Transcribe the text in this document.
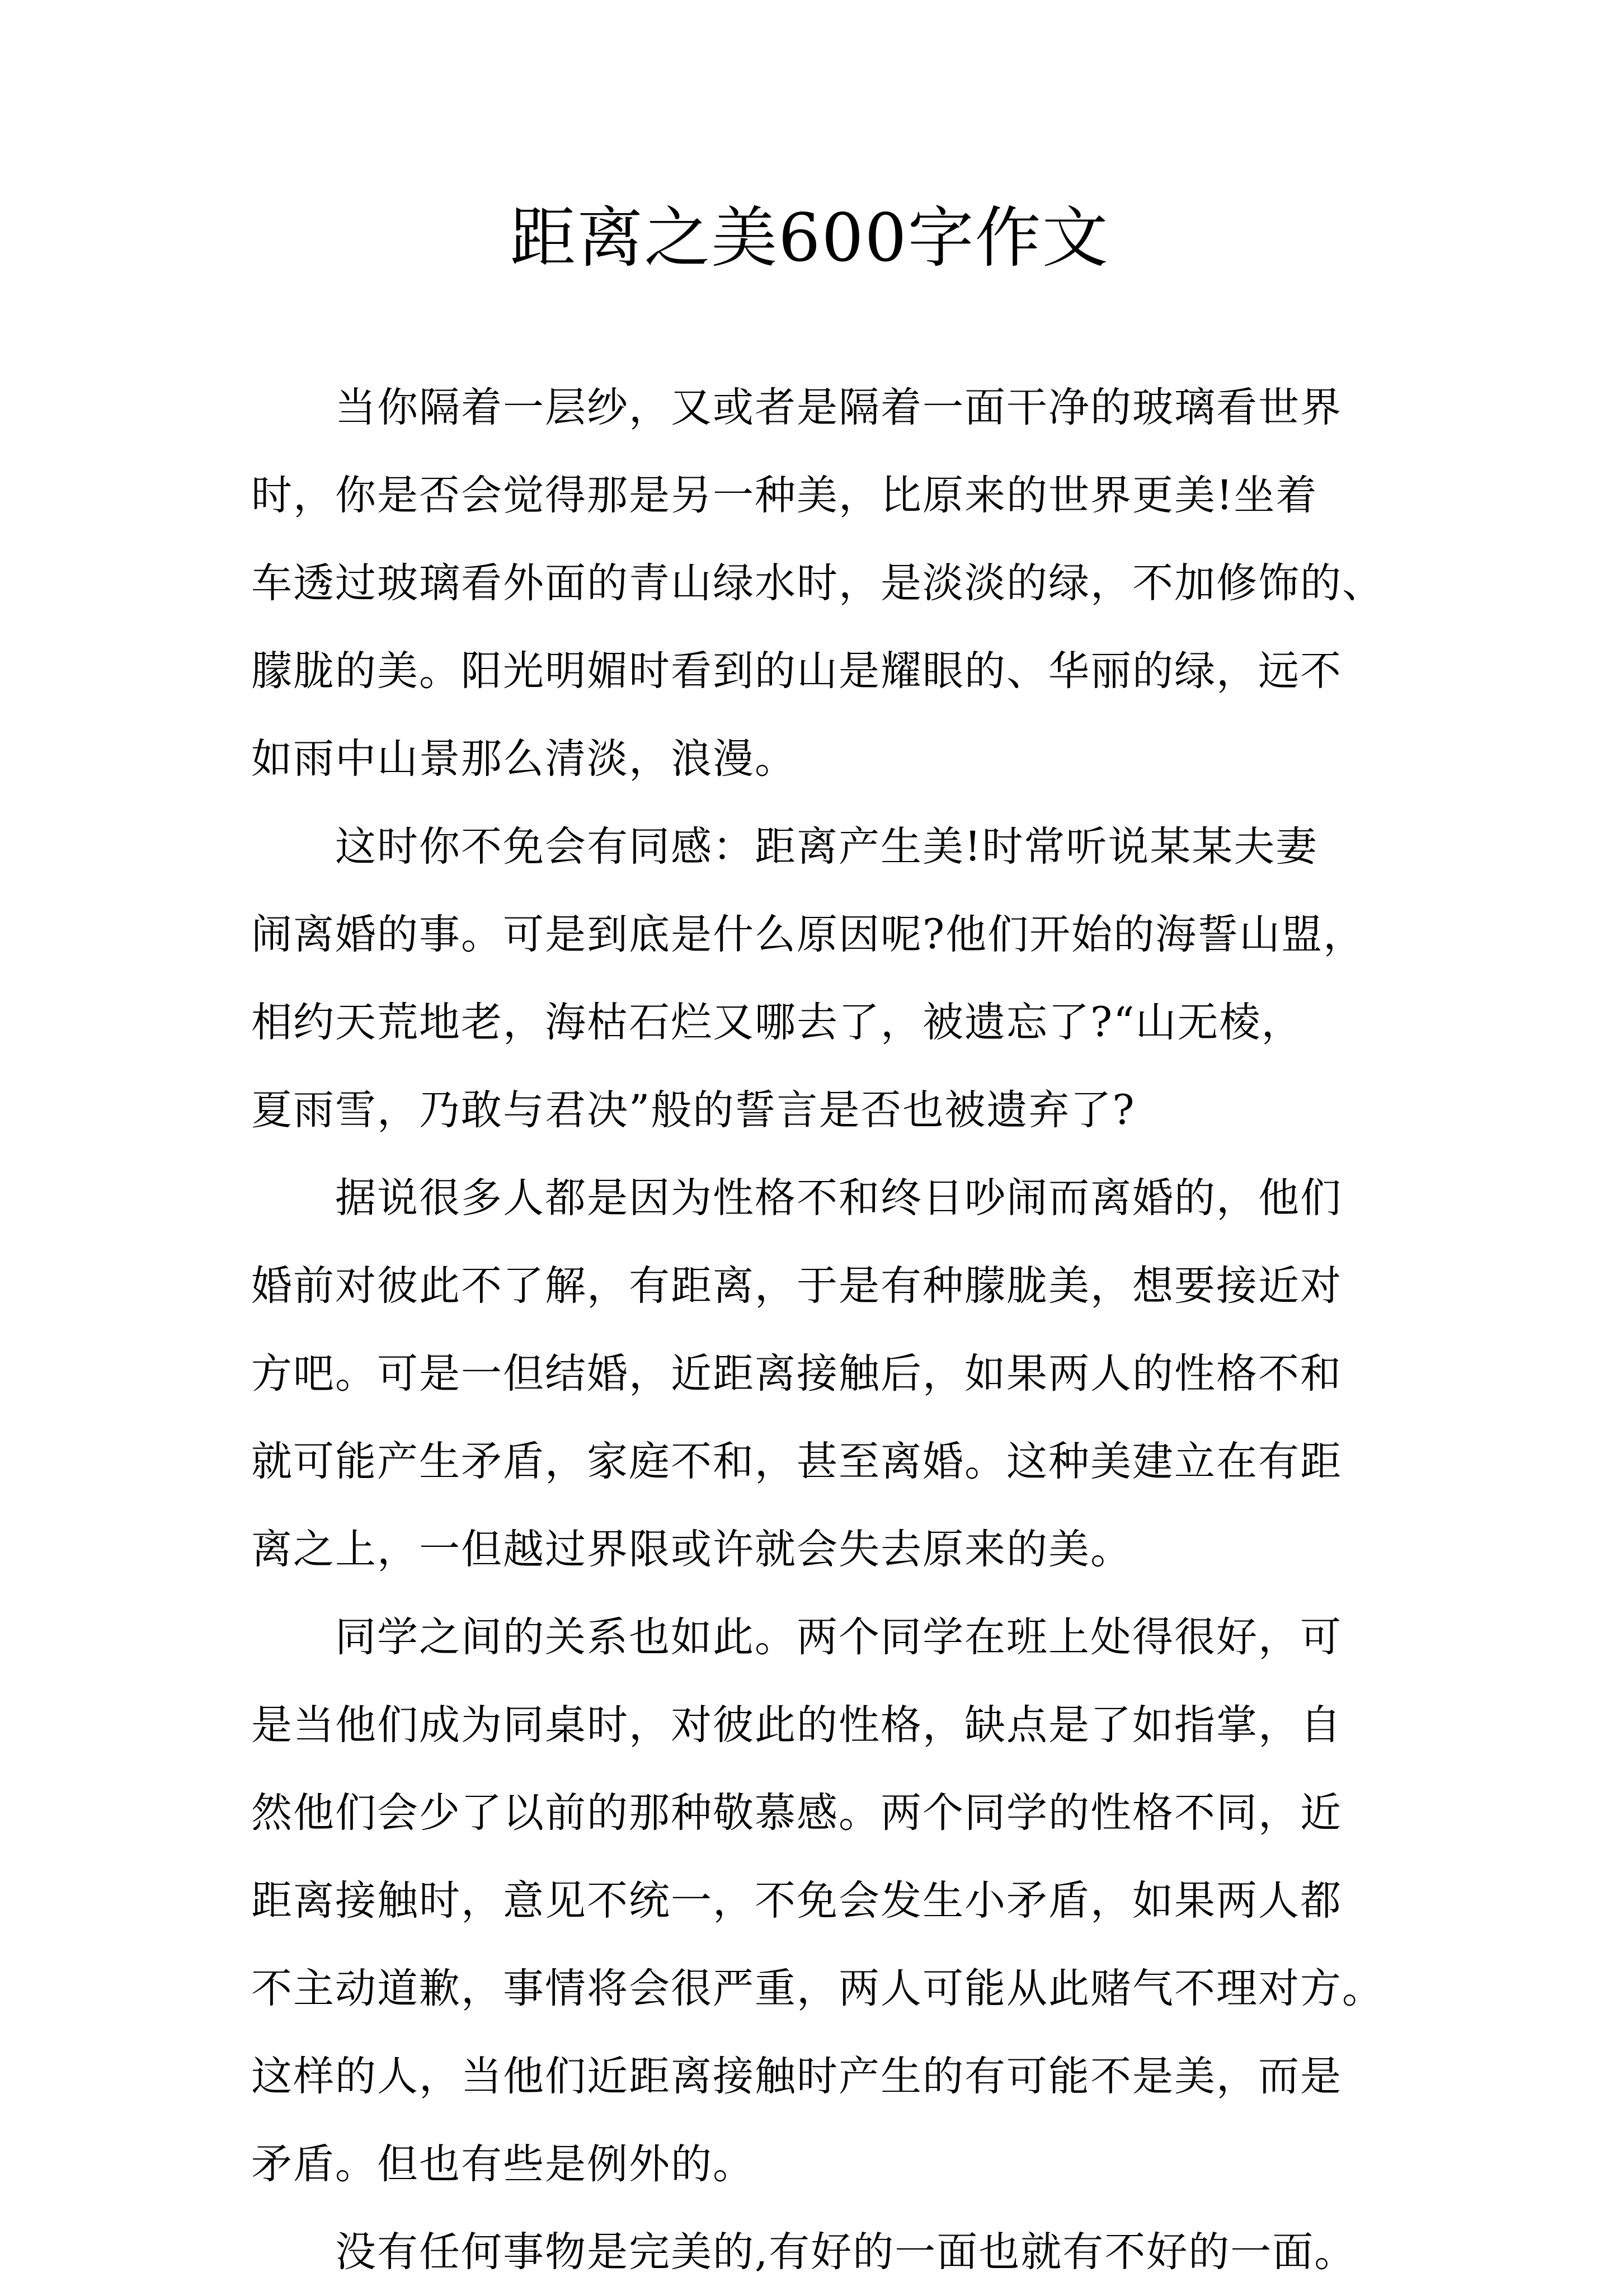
距离之美600字作文

当你隔着一层纱，又或者是隔着一面干净的玻璃看世界
时，你是否会觉得那是另一种美，比原来的世界更美!坐着
车透过玻璃看外面的青山绿水时，是淡淡的绿，不加修饰的、
朦胧的美。阳光明媚时看到的山是耀眼的、华丽的绿，远不
如雨中山景那么清淡，浪漫。

这时你不免会有同感：距离产生美!时常听说某某夫妻
闹离婚的事。可是到底是什么原因呢?他们开始的海誓山盟，
相约天荒地老，海枯石烂又哪去了，被遗忘了?“山无棱，
夏雨雪，乃敢与君决”般的誓言是否也被遗弃了?

据说很多人都是因为性格不和终日吵闹而离婚的，他们
婚前对彼此不了解，有距离，于是有种朦胧美，想要接近对
方吧。可是一但结婚，近距离接触后，如果两人的性格不和
就可能产生矛盾，家庭不和，甚至离婚。这种美建立在有距
离之上，一但越过界限或许就会失去原来的美。

同学之间的关系也如此。两个同学在班上处得很好，可
是当他们成为同桌时，对彼此的性格，缺点是了如指掌，自
然他们会少了以前的那种敬慕感。两个同学的性格不同，近
距离接触时，意见不统一，不免会发生小矛盾，如果两人都
不主动道歉，事情将会很严重，两人可能从此赌气不理对方。
这样的人，当他们近距离接触时产生的有可能不是美，而是
矛盾。但也有些是例外的。

没有任何事物是完美的,有好的一面也就有不好的一面。
